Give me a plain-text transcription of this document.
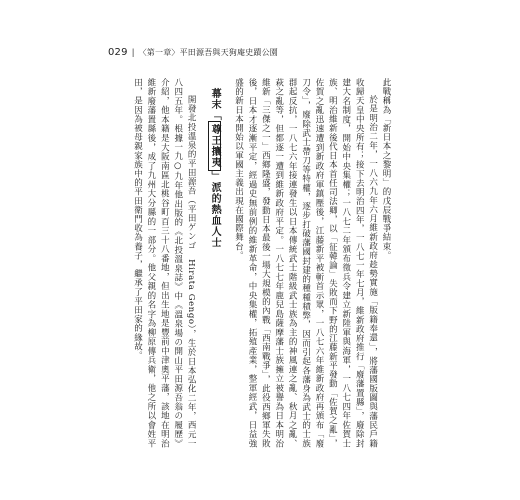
029 | 〈第一章〉平田源吾與天狗庵史蹟公園

此戰稱為「新日本之黎明」的戊辰戰爭結束。

於是明治二年，一八六九年六月維新政府趁勢實施「版籍奉還」，將藩國版圖與藩民戶籍收歸天皇中央所有；接下去明治四年，一八七一年七月，維新政府推行「廢藩置縣」，廢除封建大名制度，開始中央集權；一八七二年頒布徵兵令建立新陸軍與海軍，一八七四年佐賀士族、明治維新後代日本首任司法卿，以「征韓論」失敗而下野的江藤新平發動「佐賀之亂」，佐賀之亂迅速遭到新政府軍鎮壓後，江藤新平被斬首示眾，一八七六年維新政府再頒布「廢刀令」，廢除武士帶刀等特權，逐步打破藩國封建的種種積弊，因而引起各藩身為武士的士族群起反抗，一八七六年接連發生以日本傳統武士階級武士族為主的神風連之亂、秋月之亂、萩之亂等，但都逐一遭到維新政府平定。一八七七年鹿兒島薩摩藩士族擁立被譽為日本明治維新「三傑之一」西鄉隆盛，發動日本最後一場大規模的內戰「西南戰爭」，此役西鄉軍失敗後，日本才逐漸平定，經過史無前例的維新革命，中央集權，拓殖產業，整軍經武，日益強盛的新日本開始以軍國主義出現在國際舞台。

幕末「尊王攘夷」派的熱血人士

開發北投溫泉的平田源吾（平田ゲンゴ　Hirata Gengo），生於日本弘化二年，西元一八四五年。根據一九○九年他出版的《北投溫泉誌》中《溫泉場の開山平田源吾翁の履歷》介紹，他本籍是大阪南區北桃谷町百三十八番地，但出生地是豐前中津奧平藩，該地在明治維新廢藩置縣後，成了九州大分縣的一部分。他父親的名字為柳原傳兵衛，他之所以會姓平田，是因為被母親家族中的平田衛門收為養子，繼承了平田家的緣故。
